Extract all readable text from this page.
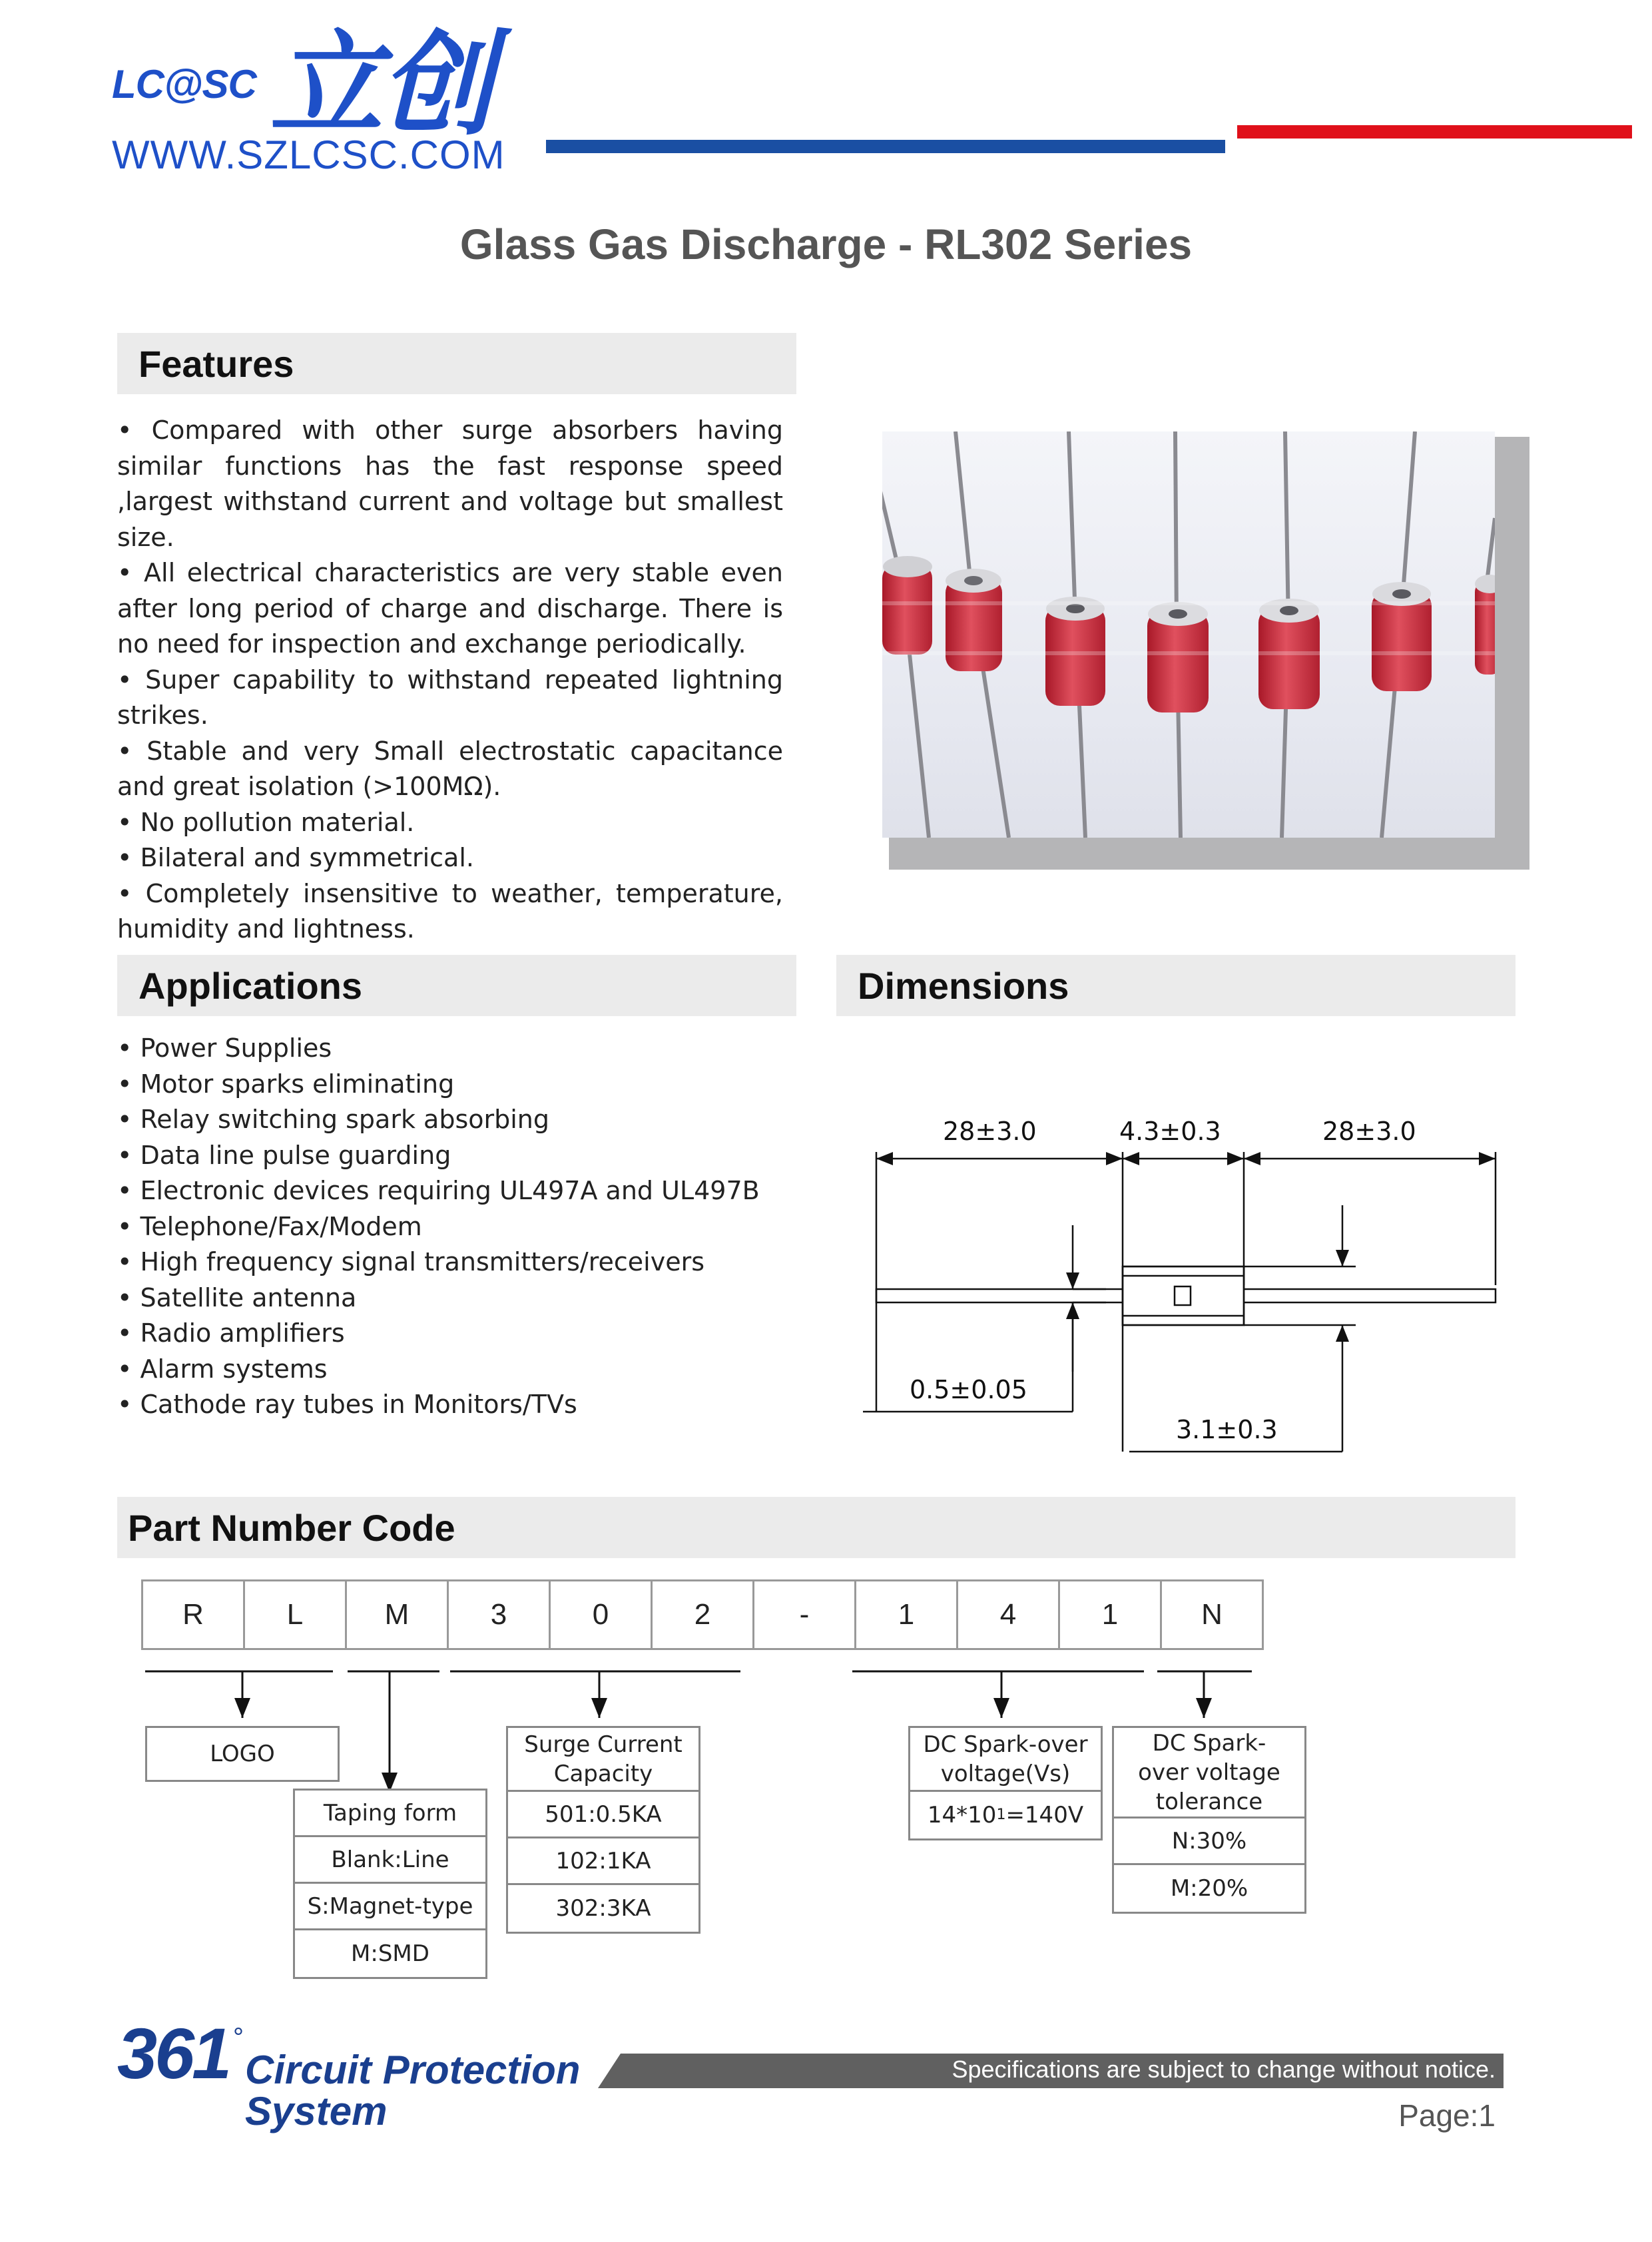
LC@SC 立创
WWW.SZLCSC.COM
Glass Gas Discharge - RL302 Series
Features

• Compared with other surge absorbers having similar functions has the fast response speed ,largest withstand current and voltage but smallest size.

• All electrical characteristics are very stable even after long period of charge and discharge. There is no need for inspection and exchange periodically.

• Super capability to withstand repeated lightning strikes.

• Stable and very Small electrostatic capacitance and great isolation (>100MΩ).

• No pollution material.

• Bilateral and symmetrical.

• Completely insensitive to weather, temperature, humidity and lightness.

Applications
• Power Supplies
• Motor sparks eliminating
• Relay switching spark absorbing
• Data line pulse guarding
• Electronic devices requiring UL497A and UL497B
• Telephone/Fax/Modem
• High frequency signal transmitters/receivers
• Satellite antenna
• Radio amplifiers
• Alarm systems
• Cathode ray tubes in Monitors/TVs
Dimensions
28±3.0	4.3±0.3	28±3.0
0.5±0.05
3.1±0.3
Part Number Code
R	L	M	3	0	2	-	1	4	1	N
LOGO
Taping form
Blank:Line
S:Magnet-type
M:SMD
Surge Current
Capacity
501:0.5KA
102:1KA
302:3KA
DC Spark-over
voltage(Vs)
14*10 1 =140V
DC Spark-
over voltage
tolerance
N:30%
M:20%
361 °
Circuit Protection
System
Specifications are subject to change without notice.
Page:1
